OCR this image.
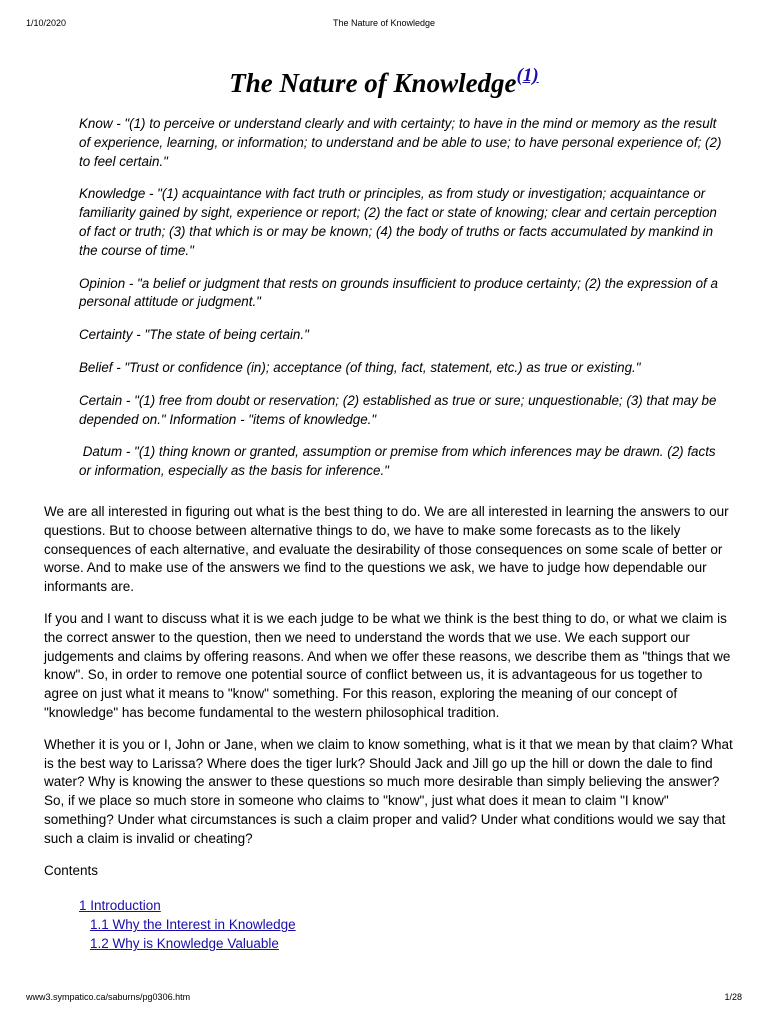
1/10/2020	The Nature of Knowledge
The Nature of Knowledge$^{(1)}$

Know - "(1) to perceive or understand clearly and with certainty; to have in the mind or memory as the result of experience, learning, or information; to understand and be able to use; to have personal experience of; (2) to feel certain."

Knowledge - "(1) acquaintance with fact truth or principles, as from study or investigation; acquaintance or familiarity gained by sight, experience or report; (2) the fact or state of knowing; clear and certain perception of fact or truth; (3) that which is or may be known; (4) the body of truths or facts accumulated by mankind in the course of time."

Opinion - "a belief or judgment that rests on grounds insufficient to produce certainty; (2) the expression of a personal attitude or judgment."

Certainty - "The state of being certain."

Belief - "Trust or confidence (in); acceptance (of thing, fact, statement, etc.) as true or existing."

Certain - "(1) free from doubt or reservation; (2) established as true or sure; unquestionable; (3) that may be depended on." Information - "items of knowledge."

Datum - "(1) thing known or granted, assumption or premise from which inferences may be drawn. (2) facts or information, especially as the basis for inference."

We are all interested in figuring out what is the best thing to do. We are all interested in learning the answers to our questions. But to choose between alternative things to do, we have to make some forecasts as to the likely consequences of each alternative, and evaluate the desirability of those consequences on some scale of better or worse. And to make use of the answers we find to the questions we ask, we have to judge how dependable our informants are.

If you and I want to discuss what it is we each judge to be what we think is the best thing to do, or what we claim is the correct answer to the question, then we need to understand the words that we use. We each support our judgements and claims by offering reasons. And when we offer these reasons, we describe them as "things that we know". So, in order to remove one potential source of conflict between us, it is advantageous for us together to agree on just what it means to "know" something. For this reason, exploring the meaning of our concept of "knowledge" has become fundamental to the western philosophical tradition.

Whether it is you or I, John or Jane, when we claim to know something, what is it that we mean by that claim? What is the best way to Larissa? Where does the tiger lurk? Should Jack and Jill go up the hill or down the dale to find water? Why is knowing the answer to these questions so much more desirable than simply believing the answer? So, if we place so much store in someone who claims to "know", just what does it mean to claim "I know" something? Under what circumstances is such a claim proper and valid? Under what conditions would we say that such a claim is invalid or cheating?

Contents

1 Introduction
1.1 Why the Interest in Knowledge
1.2 Why is Knowledge Valuable
www3.sympatico.ca/saburns/pg0306.htm	1/28
